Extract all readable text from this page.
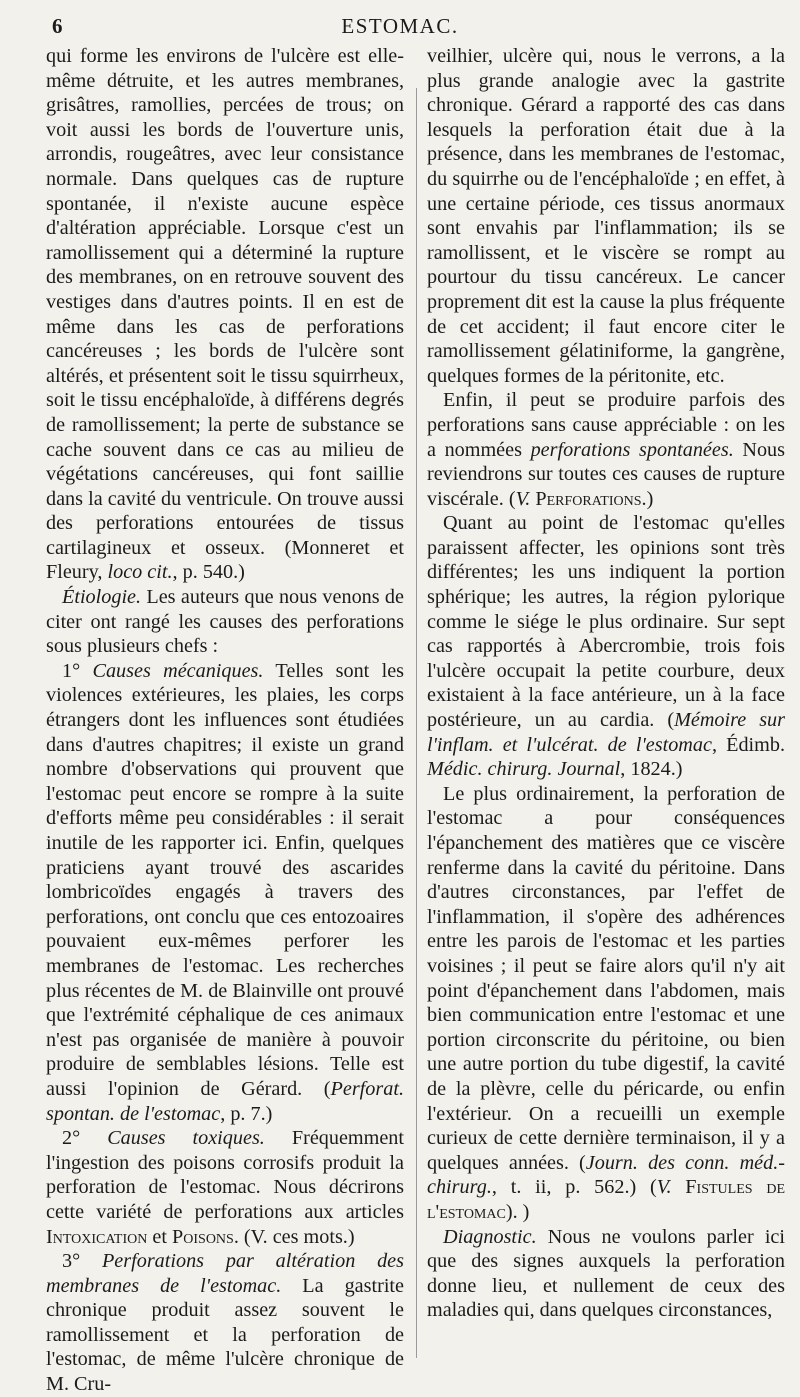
6	ESTOMAC.

qui forme les environs de l'ulcère est elle-même détruite, et les autres membranes, grisâtres, ramollies, percées de trous; on voit aussi les bords de l'ouverture unis, arrondis, rougeâtres, avec leur consistance normale. Dans quelques cas de rupture spontanée, il n'existe aucune espèce d'altération appréciable. Lorsque c'est un ramollissement qui a déterminé la rupture des membranes, on en retrouve souvent des vestiges dans d'autres points. Il en est de même dans les cas de perforations cancéreuses ; les bords de l'ulcère sont altérés, et présentent soit le tissu squirrheux, soit le tissu encéphaloïde, à différens degrés de ramollissement; la perte de substance se cache souvent dans ce cas au milieu de végétations cancéreuses, qui font saillie dans la cavité du ventricule. On trouve aussi des perforations entourées de tissus cartilagineux et osseux. (Monneret et Fleury, loco cit., p. 540.)

Étiologie. Les auteurs que nous venons de citer ont rangé les causes des perforations sous plusieurs chefs :

1° Causes mécaniques. Telles sont les violences extérieures, les plaies, les corps étrangers dont les influences sont étudiées dans d'autres chapitres; il existe un grand nombre d'observations qui prouvent que l'estomac peut encore se rompre à la suite d'efforts même peu considérables : il serait inutile de les rapporter ici. Enfin, quelques praticiens ayant trouvé des ascarides lombricoïdes engagés à travers des perforations, ont conclu que ces entozoaires pouvaient eux-mêmes perforer les membranes de l'estomac. Les recherches plus récentes de M. de Blainville ont prouvé que l'extrémité céphalique de ces animaux n'est pas organisée de manière à pouvoir produire de semblables lésions. Telle est aussi l'opinion de Gérard. (Perforat. spontan. de l'estomac, p. 7.)

2° Causes toxiques. Fréquemment l'ingestion des poisons corrosifs produit la perforation de l'estomac. Nous décrirons cette variété de perforations aux articles Intoxication et Poisons. (V. ces mots.)

3° Perforations par altération des membranes de l'estomac. La gastrite chronique produit assez souvent le ramollissement et la perforation de l'estomac, de même l'ulcère chronique de M. Cru-

veilhier, ulcère qui, nous le verrons, a la plus grande analogie avec la gastrite chronique. Gérard a rapporté des cas dans lesquels la perforation était due à la présence, dans les membranes de l'estomac, du squirrhe ou de l'encéphaloïde ; en effet, à une certaine période, ces tissus anormaux sont envahis par l'inflammation; ils se ramollissent, et le viscère se rompt au pourtour du tissu cancéreux. Le cancer proprement dit est la cause la plus fréquente de cet accident; il faut encore citer le ramollissement gélatiniforme, la gangrène, quelques formes de la péritonite, etc.

Enfin, il peut se produire parfois des perforations sans cause appréciable : on les a nommées perforations spontanées. Nous reviendrons sur toutes ces causes de rupture viscérale. (V. Perforations.)

Quant au point de l'estomac qu'elles paraissent affecter, les opinions sont très différentes; les uns indiquent la portion sphérique; les autres, la région pylorique comme le siége le plus ordinaire. Sur sept cas rapportés à Abercrombie, trois fois l'ulcère occupait la petite courbure, deux existaient à la face antérieure, un à la face postérieure, un au cardia. (Mémoire sur l'inflam. et l'ulcérat. de l'estomac, Édimb. Médic. chirurg. Journal, 1824.)

Le plus ordinairement, la perforation de l'estomac a pour conséquences l'épanchement des matières que ce viscère renferme dans la cavité du péritoine. Dans d'autres circonstances, par l'effet de l'inflammation, il s'opère des adhérences entre les parois de l'estomac et les parties voisines ; il peut se faire alors qu'il n'y ait point d'épanchement dans l'abdomen, mais bien communication entre l'estomac et une portion circonscrite du péritoine, ou bien une autre portion du tube digestif, la cavité de la plèvre, celle du péricarde, ou enfin l'extérieur. On a recueilli un exemple curieux de cette dernière terminaison, il y a quelques années. (Journ. des conn. méd.-chirurg., t. ii, p. 562.) (V. Fistules de l'estomac). )

Diagnostic. Nous ne voulons parler ici que des signes auxquels la perforation donne lieu, et nullement de ceux des maladies qui, dans quelques circonstances,
